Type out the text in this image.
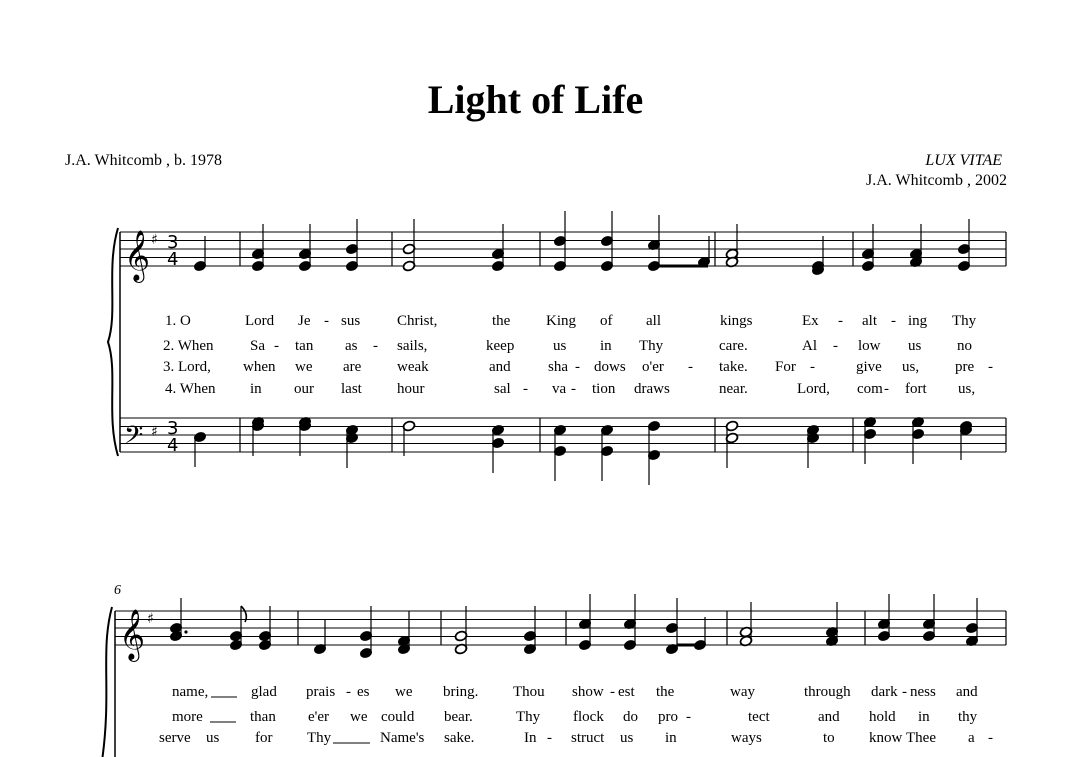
Light of Life
J.A. Whitcomb , b. 1978	LUX VITAE
J.A. Whitcomb , 2002
𝄞
𝄢
♯
♯
3
4
3
4
𝄞 ♯
6
1. O	Lord Je - sus Christ,	the King of all	kings	Ex - alt - ing Thy
2. When Sa - tan as - sails,	keep	us in Thy	care.	Al - low us no
3. Lord, when we are weak	and sha - dows o'er - take. For -	give us, pre -
4. When in our last hour	sal - va - tion draws	near.	Lord, com - fort us,
name,	glad prais - es we bring. Thou show - est the	way	through dark - ness and
more	than e'er we could bear.	Thy flock do pro -	tect	and hold in thy
serve us for Thy	Name's sake.	In - struct us in	ways	to know Thee a -
